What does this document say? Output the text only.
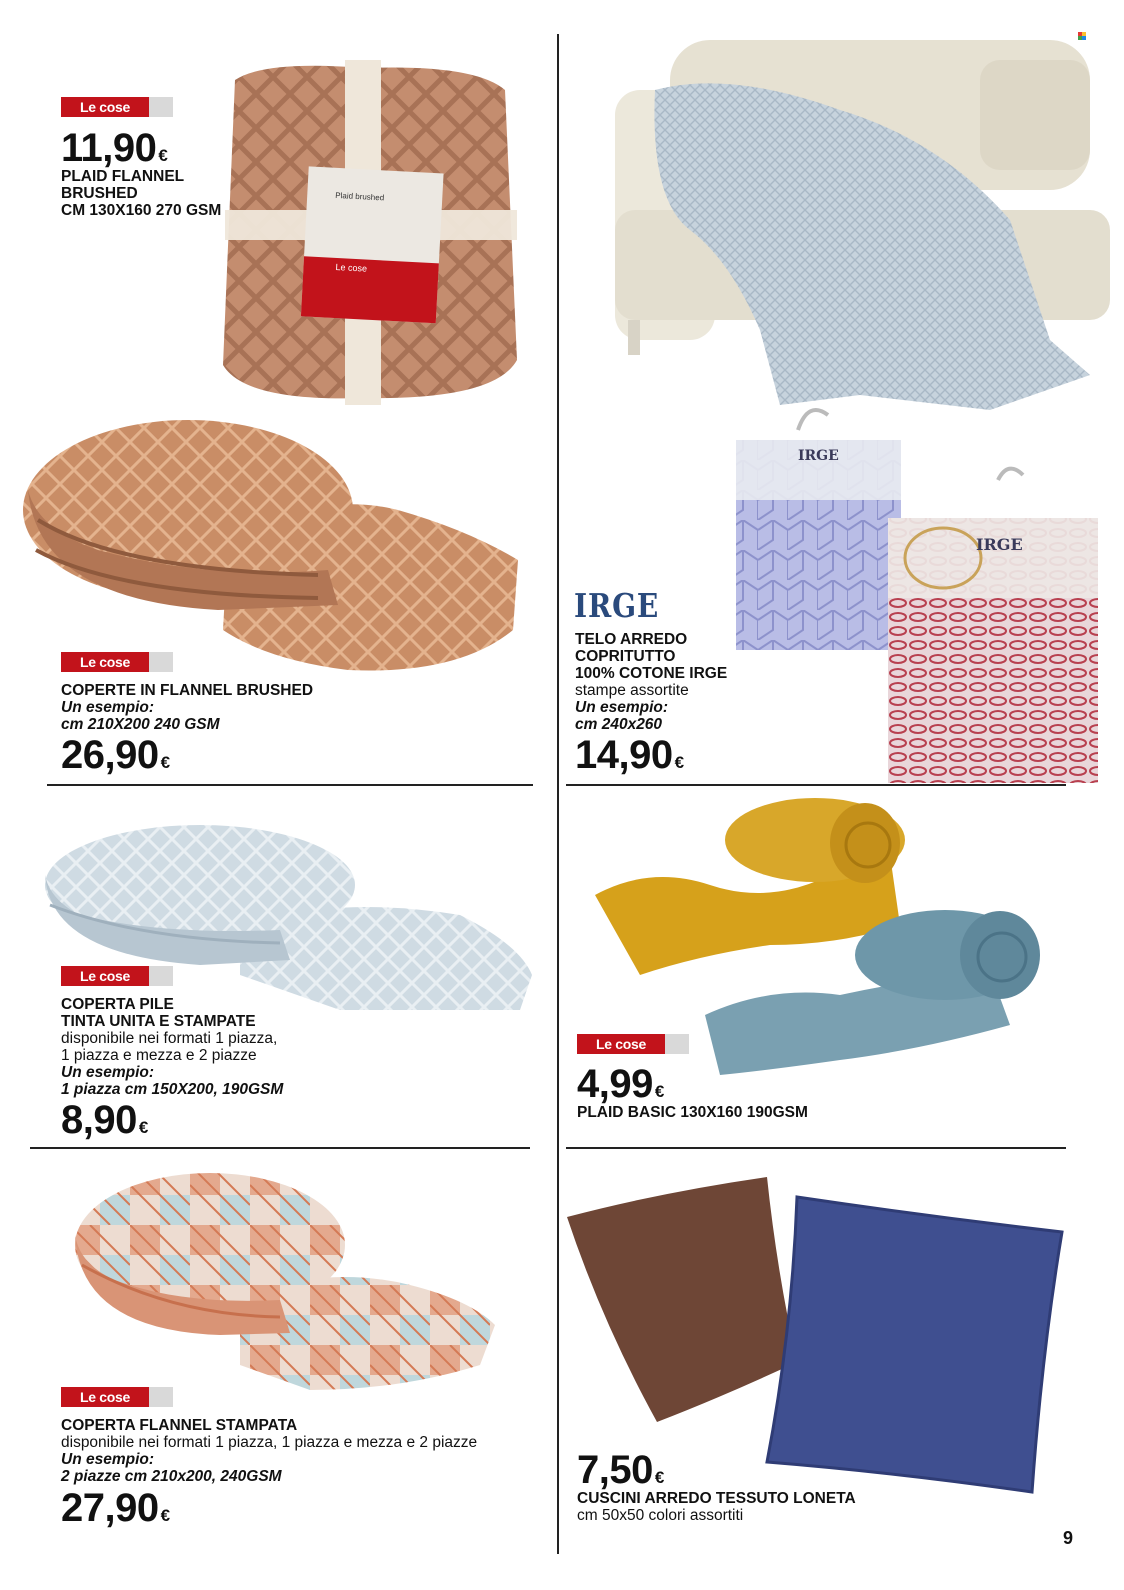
Plaid brushed
Le cose
Le cose
11,90 €
PLAID FLANNEL
BRUSHED
CM 130X160 270 GSM
Le cose
COPERTE IN FLANNEL BRUSHED
Un esempio:
cm 210X200 240 GSM
26,90 €
IRGE
IRGE
IRGE
TELO ARREDO
COPRITUTTO
100% COTONE IRGE
stampe assortite
Un esempio:
cm 240x260
14,90 €
Le cose
COPERTA PILE
TINTA UNITA E STAMPATE
disponibile nei formati 1 piazza,
1 piazza e mezza e 2 piazze
Un esempio:
1 piazza cm 150X200, 190GSM
8,90 €
Le cose
4,99 €
PLAID BASIC 130X160 190GSM
Le cose
COPERTA FLANNEL STAMPATA
disponibile nei formati 1 piazza, 1 piazza e mezza e 2 piazze
Un esempio:
2 piazze cm 210x200, 240GSM
27,90 €
7,50 €
CUSCINI ARREDO TESSUTO LONETA
cm 50x50 colori assortiti
9
